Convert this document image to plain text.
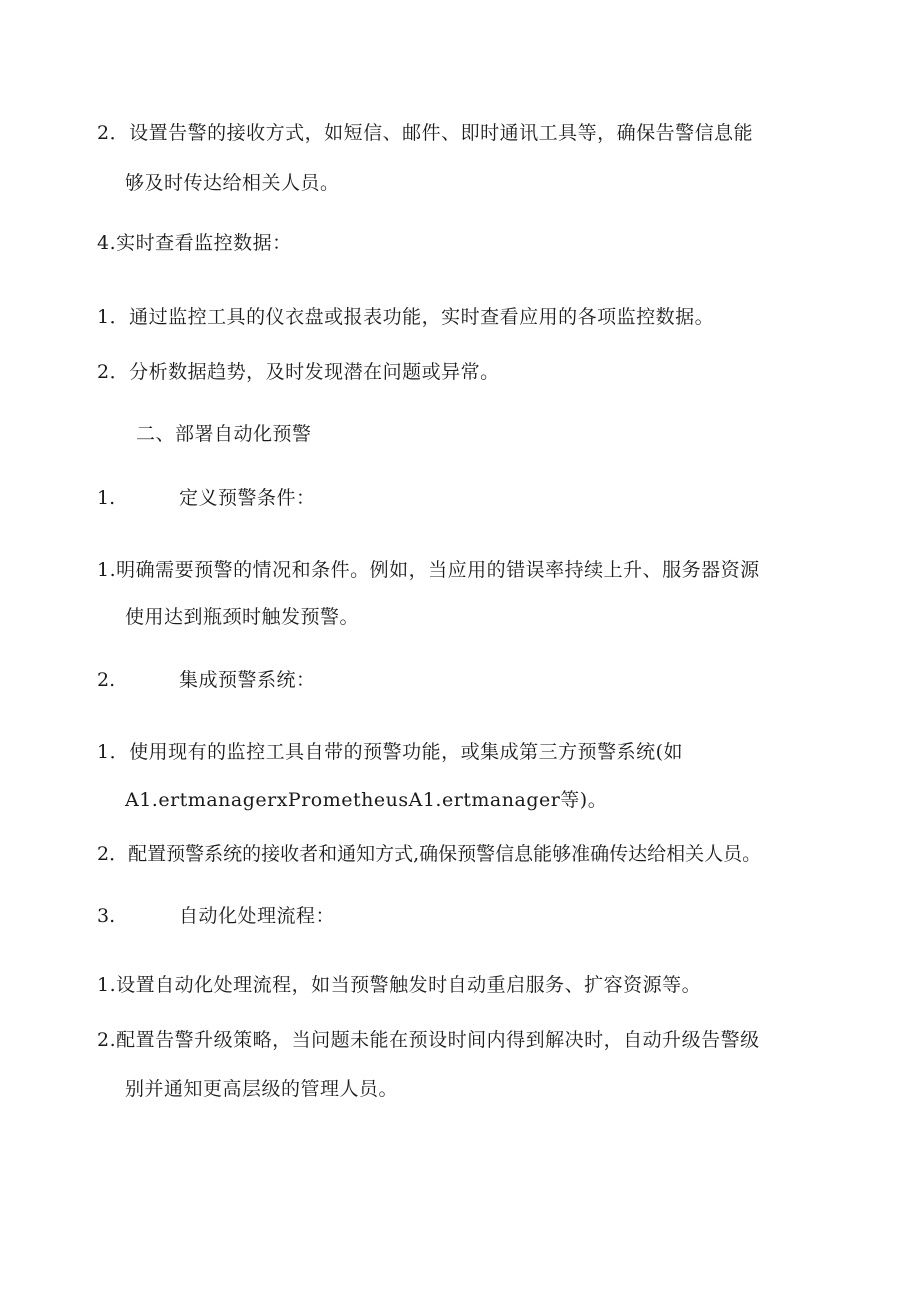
2．设置告警的接收方式，如短信、邮件、即时通讯工具等，确保告警信息能
够及时传达给相关人员。
4.实时查看监控数据：
1．通过监控工具的仪衣盘或报表功能，实时查看应用的各项监控数据。
2．分析数据趋势，及时发现潜在问题或异常。
二、部署自动化预警
1.	定义预警条件：
1.明确需要预警的情况和条件。例如，当应用的错误率持续上升、服务器资源
使用达到瓶颈时触发预警。
2.	集成预警系统：
1．使用现有的监控工具自带的预警功能，或集成第三方预警系统(如
A1.ertmanagerxPrometheusA1.ertmanager等)。
2．配置预警系统的接收者和通知方式,确保预警信息能够准确传达给相关人员。
3.	自动化处理流程：
1.设置自动化处理流程，如当预警触发时自动重启服务、扩容资源等。
2.配置告警升级策略，当问题未能在预设时间内得到解决时，自动升级告警级
别并通知更高层级的管理人员。
